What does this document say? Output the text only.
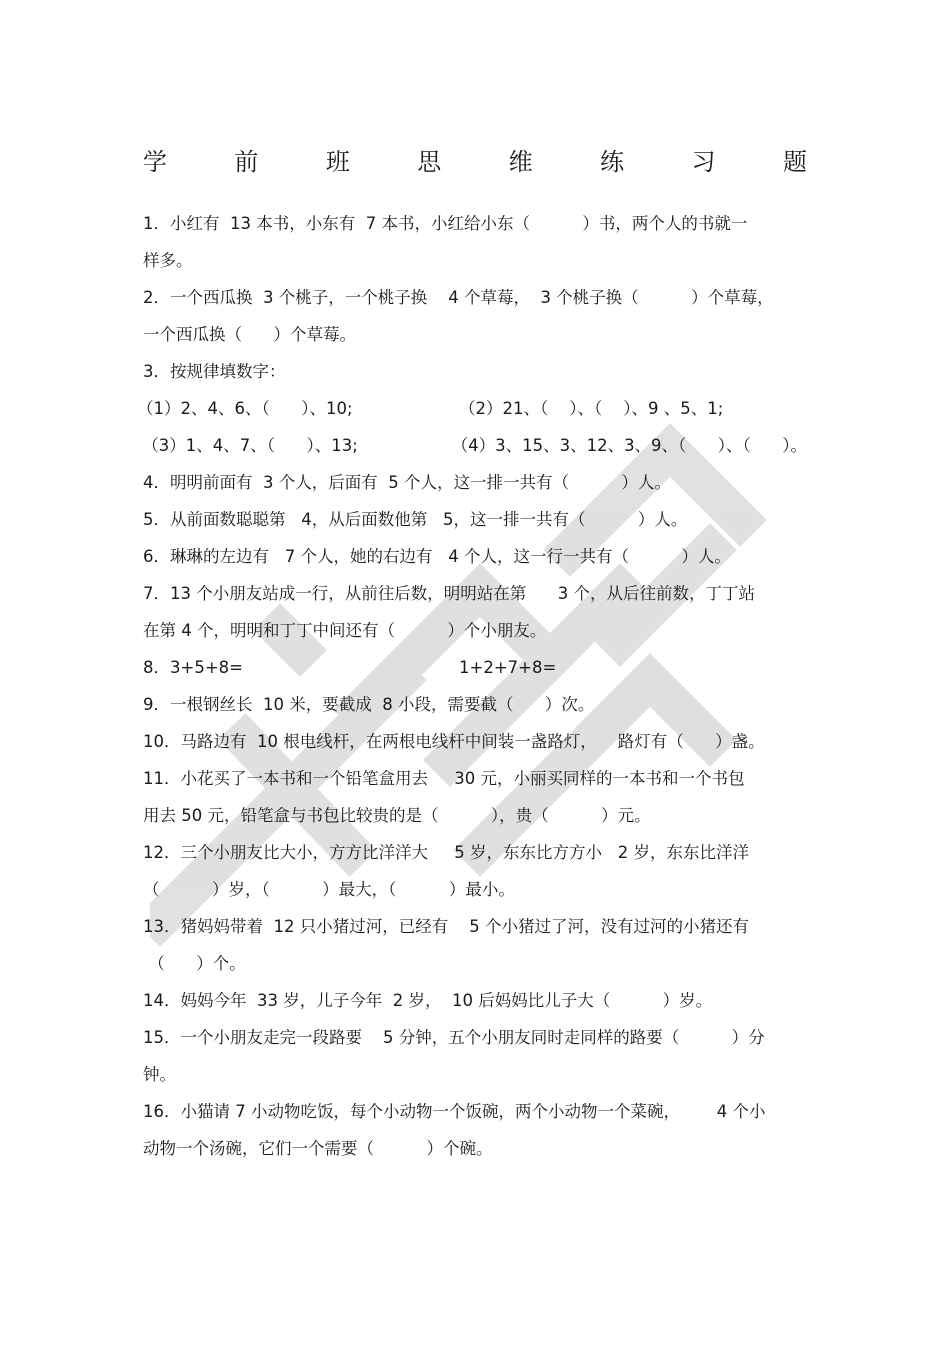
学	前	班	思	维	练	习	题
1．小红有  13 本书，小东有  7 本书，小红给小东（          ）书，两个人的书就一
样多。
2．一个西瓜换  3 个桃子，一个桃子换    4 个草莓，  3 个桃子换（          ）个草莓，
一个西瓜换（      ）个草莓。
3．按规律填数字：
（1）2、4、6、（      ）、10;	（2）21、（    ）、（    ）、9 、5、1;
（3）1、4、7、（      ）、13;	（4）3、15、3、12、3、9、（      ）、（      ）。
4．明明前面有  3 个人，后面有  5 个人，这一排一共有（          ）人。
5．从前面数聪聪第   4，从后面数他第   5，这一排一共有（          ）人。
6．琳琳的左边有   7 个人，她的右边有   4 个人，这一行一共有（          ）人。
7．13 个小朋友站成一行，从前往后数，明明站在第      3 个，从后往前数，丁丁站
在第 4 个，明明和丁丁中间还有（          ）个小朋友。
8．3+5+8=	1+2+7+8=
9．一根钢丝长  10 米，要截成  8 小段，需要截（      ）次。
10．马路边有  10 根电线杆，在两根电线杆中间装一盏路灯，    路灯有（      ）盏。
11．小花买了一本书和一个铅笔盒用去     30 元，小丽买同样的一本书和一个书包
用去 50 元，铅笔盒与书包比较贵的是（          ），贵（          ）元。
12．三个小朋友比大小，方方比洋洋大     5 岁，东东比方方小   2 岁，东东比洋洋
（          ）岁，（          ）最大，（          ）最小。
13．猪妈妈带着  12 只小猪过河，已经有    5 个小猪过了河，没有过河的小猪还有
（      ）个。
14．妈妈今年  33 岁，儿子今年  2 岁，  10 后妈妈比儿子大（          ）岁。
15．一个小朋友走完一段路要    5 分钟，五个小朋友同时走同样的路要（          ）分
钟。
16．小猫请 7 小动物吃饭，每个小动物一个饭碗，两个小动物一个菜碗，       4 个小
动物一个汤碗，它们一个需要（          ）个碗。
